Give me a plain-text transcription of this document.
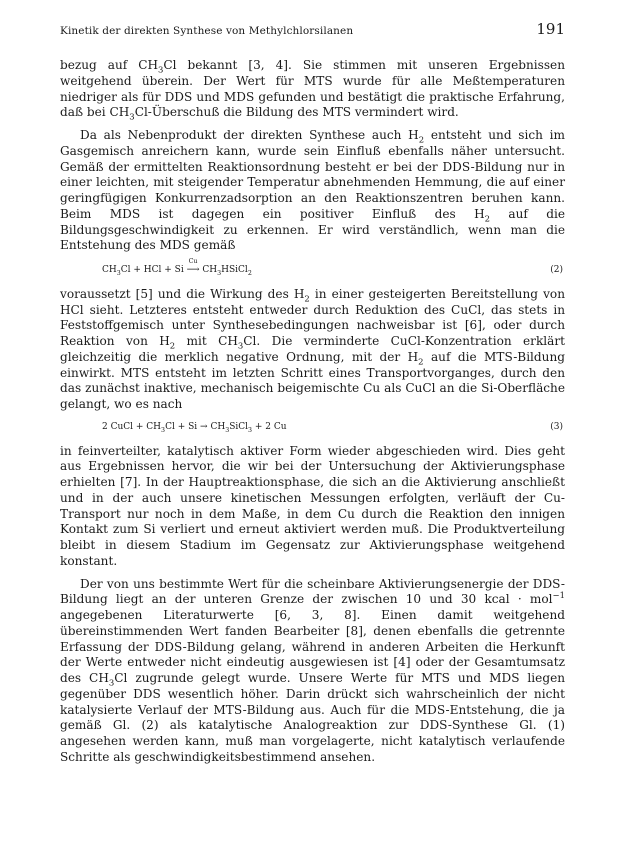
Kinetik der direkten Synthese von Methylchlorsilanen	191

bezug auf $CH_3Cl$ bekannt [3, 4]. Sie stimmen mit unseren Ergebnissen weitgehend überein. Der Wert für MTS wurde für alle Meßtemperaturen niedriger als für DDS und MDS gefunden und bestätigt die praktische Erfahrung, daß bei $CH_3Cl$-Überschuß die Bildung des MTS vermindert wird.

Da als Nebenprodukt der direkten Synthese auch $H_2$ entsteht und sich im Gasgemisch anreichern kann, wurde sein Einfluß ebenfalls näher untersucht. Gemäß der ermittelten Reaktionsordnung besteht er bei der DDS-Bildung nur in einer leichten, mit steigender Temperatur abnehmenden Hemmung, die auf einer geringfügigen Konkurrenzadsorption an den Reaktionszentren beruhen kann. Beim MDS ist dagegen ein positiver Einfluß des $H_2$ auf die Bildungsgeschwindigkeit zu erkennen. Er wird verständlich, wenn man die Entstehung des MDS gemäß

$CH_3Cl$ + HCl + Si
Cu
⟶ $CH_3HSiCl_2$	(2)

voraussetzt [5] und die Wirkung des $H_2$ in einer gesteigerten Bereitstellung von HCl sieht. Letzteres entsteht entweder durch Reduktion des CuCl, das stets in Feststoffgemisch unter Synthesebedingungen nachweisbar ist [6], oder durch Reaktion von $H_2$ mit $CH_3Cl$. Die verminderte CuCl-Konzentration erklärt gleichzeitig die merklich negative Ordnung, mit der $H_2$ auf die MTS-Bildung einwirkt. MTS entsteht im letzten Schritt eines Transportvorganges, durch den das zunächst inaktive, mechanisch beigemischte Cu als CuCl an die Si-Oberfläche gelangt, wo es nach

2 CuCl + $CH_3Cl + Si$ → $CH_3SiCl_3 + 2$ Cu	(3)

in feinverteilter, katalytisch aktiver Form wieder abgeschieden wird. Dies geht aus Ergebnissen hervor, die wir bei der Untersuchung der Aktivierungsphase erhielten [7]. In der Hauptreaktionsphase, die sich an die Aktivierung anschließt und in der auch unsere kinetischen Messungen erfolgten, verläuft der Cu-Transport nur noch in dem Maße, in dem Cu durch die Reaktion den innigen Kontakt zum Si verliert und erneut aktiviert werden muß. Die Produktverteilung bleibt in diesem Stadium im Gegensatz zur Aktivierungsphase weitgehend konstant.

Der von uns bestimmte Wert für die scheinbare Aktivierungsenergie der DDS-Bildung liegt an der unteren Grenze der zwischen 10 und 30 kcal · mol$^{-1}$ angegebenen Literaturwerte [6, 3, 8]. Einen damit weitgehend übereinstimmenden Wert fanden Bearbeiter [8], denen ebenfalls die getrennte Erfassung der DDS-Bildung gelang, während in anderen Arbeiten die Herkunft der Werte entweder nicht eindeutig ausgewiesen ist [4] oder der Gesamtumsatz des $CH_3Cl$ zugrunde gelegt wurde. Unsere Werte für MTS und MDS liegen gegenüber DDS wesentlich höher. Darin drückt sich wahrscheinlich der nicht katalysierte Verlauf der MTS-Bildung aus. Auch für die MDS-Entstehung, die ja gemäß Gl. (2) als katalytische Analogreaktion zur DDS-Synthese Gl. (1) angesehen werden kann, muß man vorgelagerte, nicht katalytisch verlaufende Schritte als geschwindigkeitsbestimmend ansehen.
